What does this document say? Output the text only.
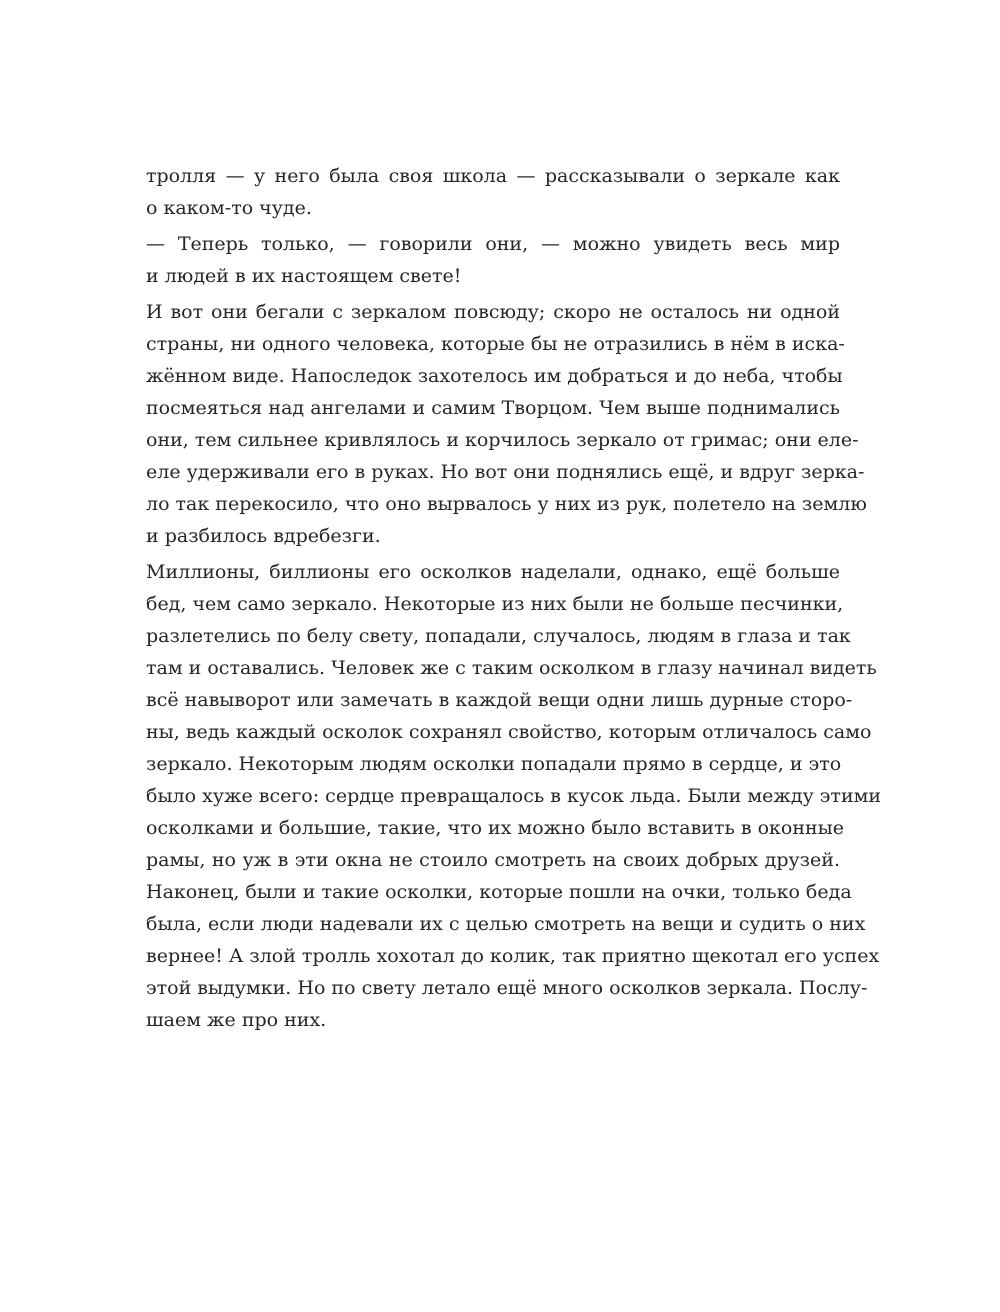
тролля — у него была своя школа — рассказывали о зеркале как
о каком-то чуде.
— Теперь только, — говорили они, — можно увидеть весь мир
и людей в их настоящем свете!
И вот они бегали с зеркалом повсюду; скоро не осталось ни одной
страны, ни одного человека, которые бы не отразились в нём в иска-
жённом виде. Напоследок захотелось им добраться и до неба, чтобы
посмеяться над ангелами и самим Творцом. Чем выше поднимались
они, тем сильнее кривлялось и корчилось зеркало от гримас; они еле-
еле удерживали его в руках. Но вот они поднялись ещё, и вдруг зерка-
ло так перекосило, что оно вырвалось у них из рук, полетело на землю
и разбилось вдребезги.
Миллионы, биллионы его осколков наделали, однако, ещё больше
бед, чем само зеркало. Некоторые из них были не больше песчинки,
разлетелись по белу свету, попадали, случалось, людям в глаза и так
там и оставались. Человек же с таким осколком в глазу начинал видеть
всё навыворот или замечать в каждой вещи одни лишь дурные сторо-
ны, ведь каждый осколок сохранял свойство, которым отличалось само
зеркало. Некоторым людям осколки попадали прямо в сердце, и это
было хуже всего: сердце превращалось в кусок льда. Были между этими
осколками и большие, такие, что их можно было вставить в оконные
рамы, но уж в эти окна не стоило смотреть на своих добрых друзей.
Наконец, были и такие осколки, которые пошли на очки, только беда
была, если люди надевали их с целью смотреть на вещи и судить о них
вернее! А злой тролль хохотал до колик, так приятно щекотал его успех
этой выдумки. Но по свету летало ещё много осколков зеркала. Послу-
шаем же про них.
